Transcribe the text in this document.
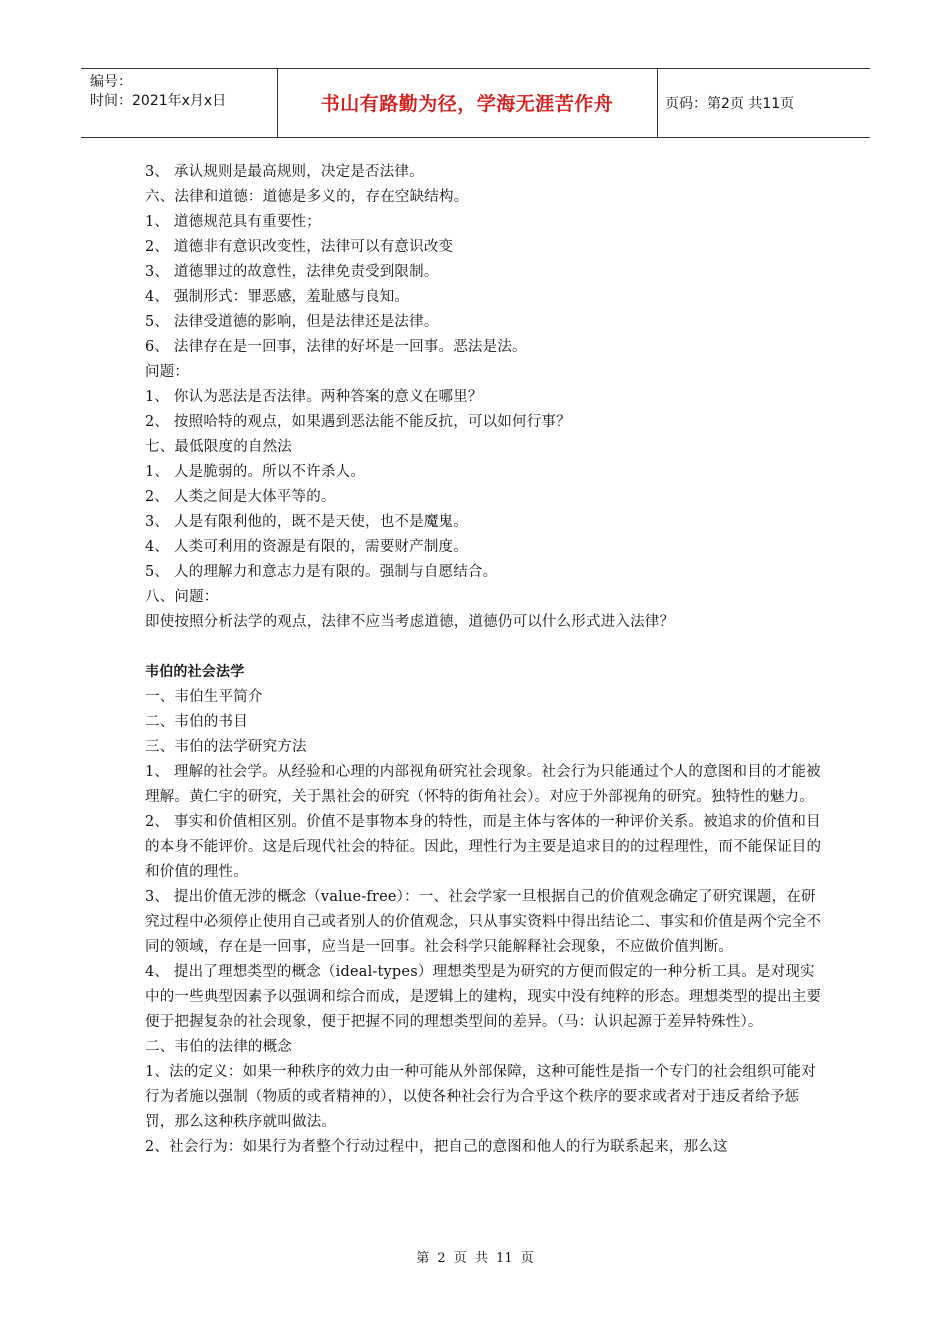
编号：
时间：2021年x月x日	书山有路勤为径，学海无涯苦作舟	页码：第2页 共11页

3、 承认规则是最高规则，决定是否法律。

六、法律和道德：道德是多义的，存在空缺结构。

1、 道德规范具有重要性；

2、 道德非有意识改变性，法律可以有意识改变

3、 道德罪过的故意性，法律免责受到限制。

4、 强制形式：罪恶感，羞耻感与良知。

5、 法律受道德的影响，但是法律还是法律。

6、 法律存在是一回事，法律的好坏是一回事。恶法是法。

问题：

1、 你认为恶法是否法律。两种答案的意义在哪里？

2、 按照哈特的观点，如果遇到恶法能不能反抗，可以如何行事？

七、最低限度的自然法

1、 人是脆弱的。所以不许杀人。

2、 人类之间是大体平等的。

3、 人是有限利他的，既不是天使，也不是魔鬼。

4、 人类可利用的资源是有限的，需要财产制度。

5、 人的理解力和意志力是有限的。强制与自愿结合。

八、问题：

即使按照分析法学的观点，法律不应当考虑道德，道德仍可以什么形式进入法律？

韦伯的社会法学

一、韦伯生平简介

二、韦伯的书目

三、韦伯的法学研究方法

1、 理解的社会学。从经验和心理的内部视角研究社会现象。社会行为只能通过个人的意图和目的才能被理解。黄仁宇的研究，关于黑社会的研究（怀特的街角社会）。对应于外部视角的研究。独特性的魅力。

2、 事实和价值相区别。价值不是事物本身的特性，而是主体与客体的一种评价关系。被追求的价值和目的本身不能评价。这是后现代社会的特征。因此，理性行为主要是追求目的的过程理性，而不能保证目的和价值的理性。

3、 提出价值无涉的概念（value-free）：一、社会学家一旦根据自己的价值观念确定了研究课题，在研究过程中必须停止使用自己或者别人的价值观念，只从事实资料中得出结论二、事实和价值是两个完全不同的领域，存在是一回事，应当是一回事。社会科学只能解释社会现象，不应做价值判断。

4、 提出了理想类型的概念（ideal-types）理想类型是为研究的方便而假定的一种分析工具。是对现实中的一些典型因素予以强调和综合而成，是逻辑上的建构，现实中没有纯粹的形态。理想类型的提出主要便于把握复杂的社会现象，便于把握不同的理想类型间的差异。（马：认识起源于差异特殊性）。

二、韦伯的法律的概念

1、法的定义：如果一种秩序的效力由一种可能从外部保障，这种可能性是指一个专门的社会组织可能对行为者施以强制（物质的或者精神的），以使各种社会行为合乎这个秩序的要求或者对于违反者给予惩罚，那么这种秩序就叫做法。

2、社会行为：如果行为者整个行动过程中，把自己的意图和他人的行为联系起来，那么这

第 2 页 共 11 页
